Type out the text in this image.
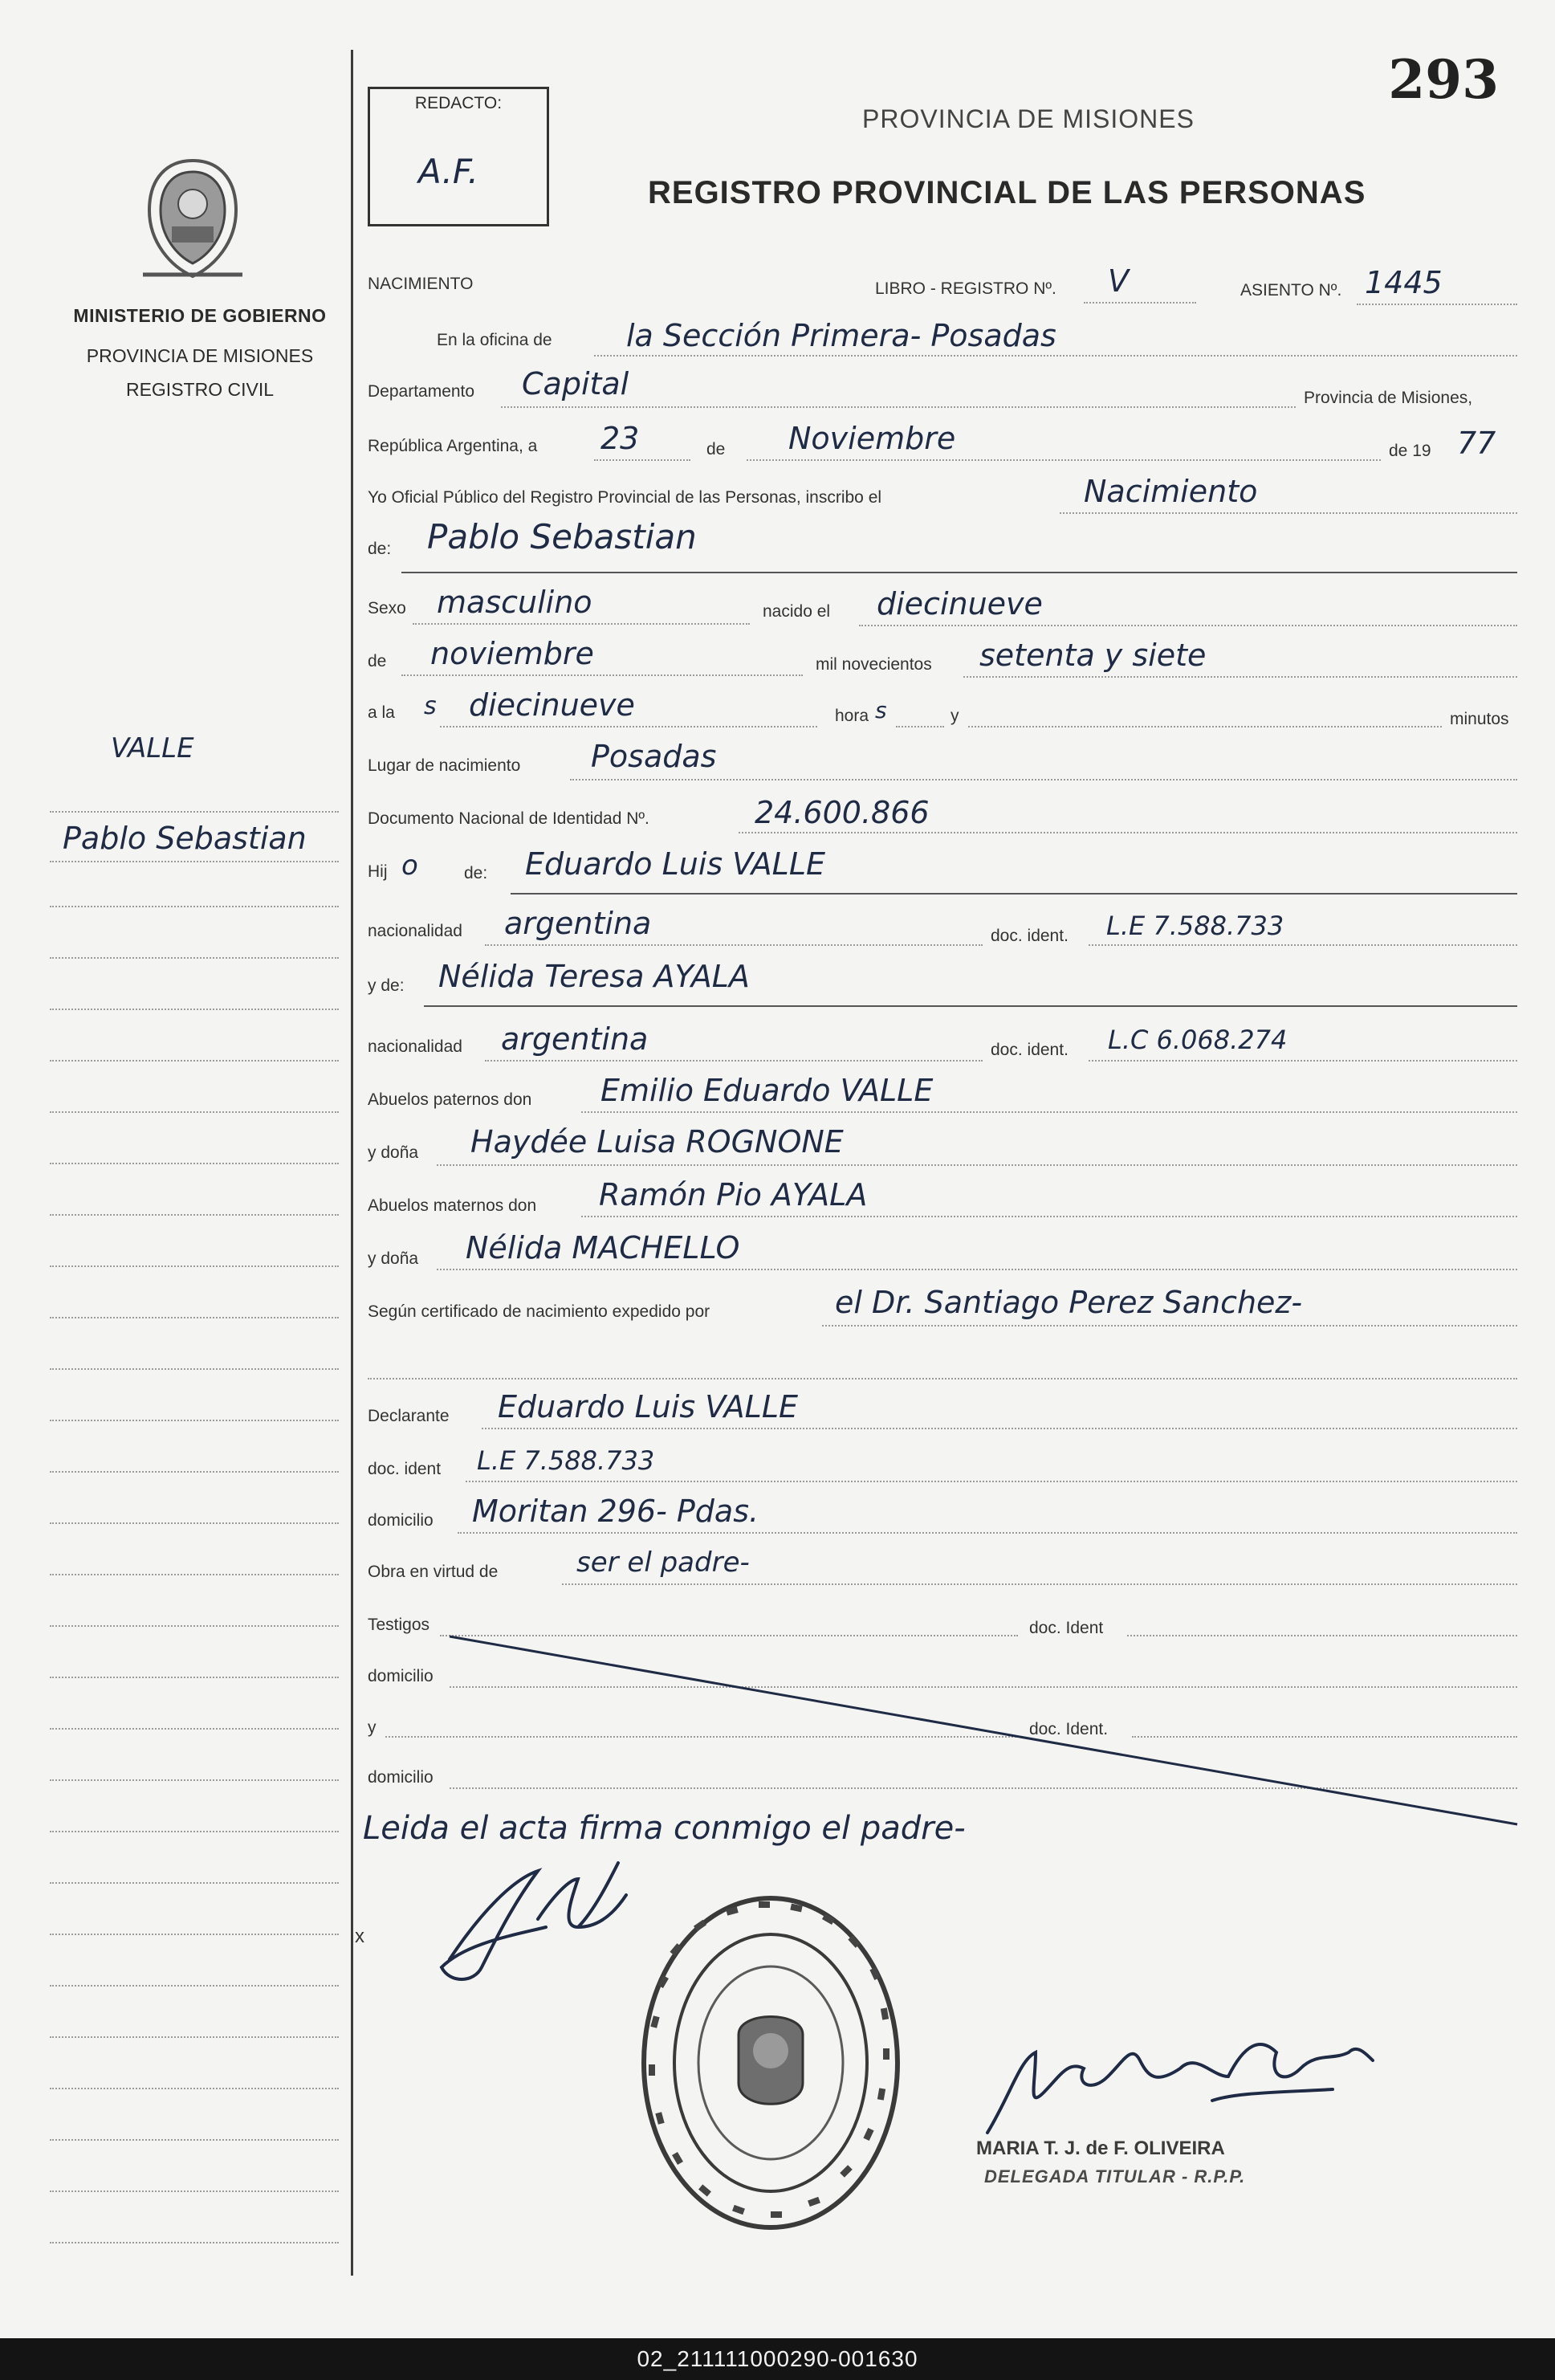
293
REDACTO:
A.F.
PROVINCIA DE MISIONES
REGISTRO PROVINCIAL DE LAS PERSONAS
MINISTERIO DE GOBIERNO
PROVINCIA DE MISIONES
REGISTRO CIVIL
VALLE
Pablo Sebastian
NACIMIENTO	LIBRO - REGISTRO Nº. V	ASIENTO Nº. 1445
En la oficina de la Sección Primera- Posadas
Departamento Capital	Provincia de Misiones,
República Argentina, a 23	de Noviembre	de 19 77
Yo Oficial Público del Registro Provincial de las Personas, inscribo el	Nacimiento
de: Pablo Sebastian
Sexo masculino	nacido el diecinueve
de noviembre	mil novecientos setenta y siete
a la s diecinueve	hora s	y	minutos
Lugar de nacimiento Posadas
Documento Nacional de Identidad Nº.	24.600.866
Hij o	de: Eduardo Luis VALLE
nacionalidad argentina	doc. ident. L.E 7.588.733
y de: Nélida Teresa AYALA
nacionalidad argentina	doc. ident. L.C 6.068.274
Abuelos paternos don Emilio Eduardo VALLE
y doña Haydée Luisa ROGNONE
Abuelos maternos don Ramón Pio AYALA
y doña Nélida MACHELLO
Según certificado de nacimiento expedido por	el Dr. Santiago Perez Sanchez-
Declarante Eduardo Luis VALLE
doc. ident L.E 7.588.733
domicilio Moritan 296- Pdas.
Obra en virtud de	ser el padre-
Testigos	doc. Ident
domicilio
y	doc. Ident.
domicilio
Leida el acta firma conmigo el padre-
x
MARIA T. J. de F. OLIVEIRA
DELEGADA TITULAR - R.P.P.
02_211111000290-001630
